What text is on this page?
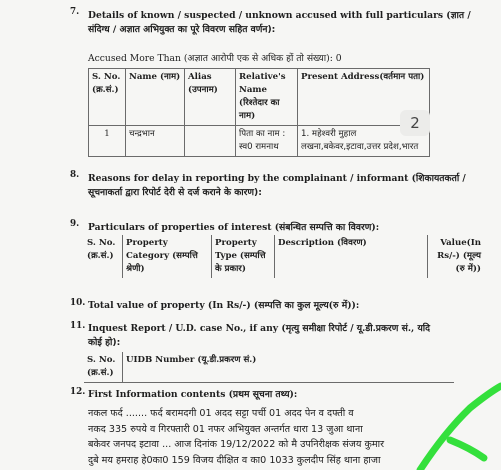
7. Details of known / suspected / unknown accused with full particulars (ज्ञात /
संदिग्ध / अज्ञात अभियुक्त का पूरे विवरण सहित वर्णन):
Accused More Than (अज्ञात आरोपी एक से अधिक हों तो संख्या): 0
S. No. (क्र.सं.)	Name (नाम)	Alias (उपनाम)	Relative's Name (रिश्तेदार का नाम)	Present Address(वर्तमान पता)
1	चन्द्रभान		पिता का नाम : स्व0 रामनाथ	1. महेश्वरी मुहाल लखना,बकेवर,इटावा,उत्तर प्रदेश,भारत
2
8. Reasons for delay in reporting by the complainant / informant (शिकायतकर्ता /
सूचनाकर्ता द्वारा रिपोर्ट देरी से दर्ज कराने के कारण):
9. Particulars of properties of interest (संबन्धित सम्पत्ति का विवरण):
S. No. (क्र.सं.)	Property Category (सम्पत्ति श्रेणी)	Property Type (सम्पत्ति के प्रकार)	Description (विवरण)	Value(In Rs/-) (मूल्य (रु में))
10. Total value of property (In Rs/-) (सम्पत्ति का कुल मूल्य(रु में)):
11. Inquest Report / U.D. case No., if any (मृत्यु समीक्षा रिपोर्ट / यू.डी.प्रकरण सं., यदि
कोई हो):
S. No. (क्र.सं.)	UIDB Number (यू.डी.प्रकरण सं.)
12. First Information contents (प्रथम सूचना तथ्य):
नकल फर्द ....... फर्द बरामदगी 01 अदद सट्टा पर्ची 01 अदद पेन व दफ्ती व
नकद 335 रुपये व गिरफ्तारी 01 नफर अभियुक्त अन्तर्गत धारा 13 जुआ थाना
बकेवर जनपद इटावा ... आज दिनांक 19/12/2022 को मै उपनिरीक्षक संजय कुमार
दुबे मय हमराह हे0का0 159 विजय दीक्षित व का0 1033 कुलदीप सिंह थाना हाजा
